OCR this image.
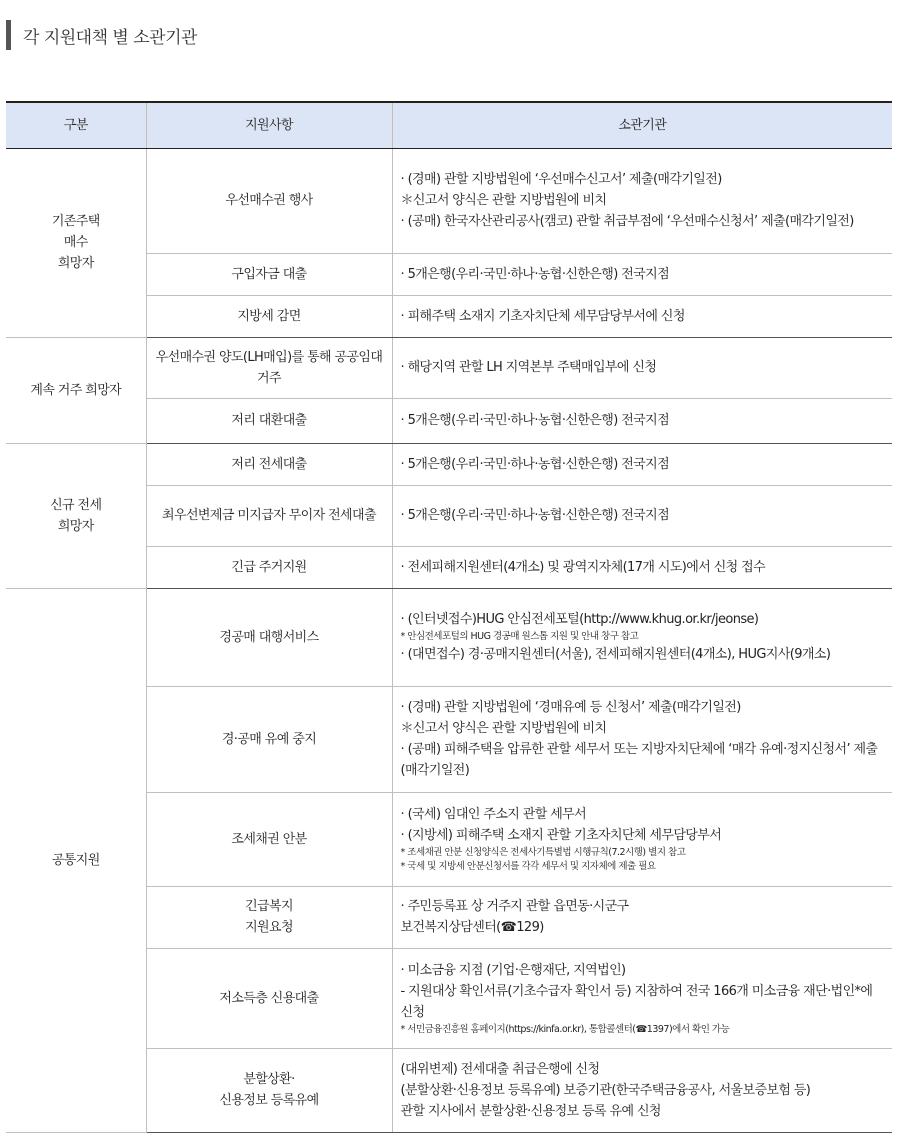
각 지원대책 별 소관기관
구분	지원사항	소관기관
기존주택
매수
희망자	우선매수권 행사	· (경매) 관할 지방법원에 ‘우선매수신고서’ 제출(매각기일전)
＊신고서 양식은 관할 지방법원에 비치
· (공매) 한국자산관리공사(캠코) 관할 취급부점에 ‘우선매수신청서’ 제출(매각기일전)

	구입자금 대출	· 5개은행(우리·국민·하나·농협·신한은행) 전국지점

	지방세 감면	· 피해주택 소재지 기초자치단체 세무담당부서에 신청

계속 거주 희망자	우선매수권 양도(LH매입)를 통해 공공임대 거주	· 해당지역 관할 LH 지역본부 주택매입부에 신청

	저리 대환대출	· 5개은행(우리·국민·하나·농협·신한은행) 전국지점

신규 전세
희망자	저리 전세대출	· 5개은행(우리·국민·하나·농협·신한은행) 전국지점

	최우선변제금 미지급자 무이자 전세대출	· 5개은행(우리·국민·하나·농협·신한은행) 전국지점

	긴급 주거지원	· 전세피해지원센터(4개소) 및 광역지자체(17개 시도)에서 신청 접수

공통지원	경공매 대행서비스	· (인터넷접수)HUG 안심전세포털(http://www.khug.or.kr/jeonse)
* 안심전세포털의 HUG 경공매 원스톱 지원 및 안내 창구 참고
· (대면접수) 경·공매지원센터(서울), 전세피해지원센터(4개소), HUG지사(9개소)

	경·공매 유예 중지	· (경매) 관할 지방법원에 ‘경매유예 등 신청서’ 제출(매각기일전)
＊신고서 양식은 관할 지방법원에 비치
· (공매) 피해주택을 압류한 관할 세무서 또는 지방자치단체에 ‘매각 유예·정지신청서’ 제출(매각기일전)

	조세채권 안분	· (국세) 임대인 주소지 관할 세무서
· (지방세) 피해주택 소재지 관할 기초자치단체 세무담당부서
* 조세채권 안분 신청양식은 전세사기특별법 시행규칙(7.2시행) 별지 참고
* 국세 및 지방세 안분신청서를 각각 세무서 및 지자체에 제출 필요

	긴급복지
지원요청	· 주민등록표 상 거주지 관할 읍면동·시군구
보건복지상담센터(☎129)

	저소득층 신용대출	· 미소금융 지점 (기업·은행재단, 지역법인)
- 지원대상 확인서류(기초수급자 확인서 등) 지참하여 전국 166개 미소금융 재단·법인*에 신청
* 서민금융진흥원 홈페이지(https://kinfa.or.kr), 통합콜센터(☎1397)에서 확인 가능

	분할상환·
신용정보 등록유예	(대위변제) 전세대출 취급은행에 신청
(분할상환·신용정보 등록유예) 보증기관(한국주택금융공사, 서울보증보험 등)
관할 지사에서 분할상환·신용정보 등록 유예 신청
